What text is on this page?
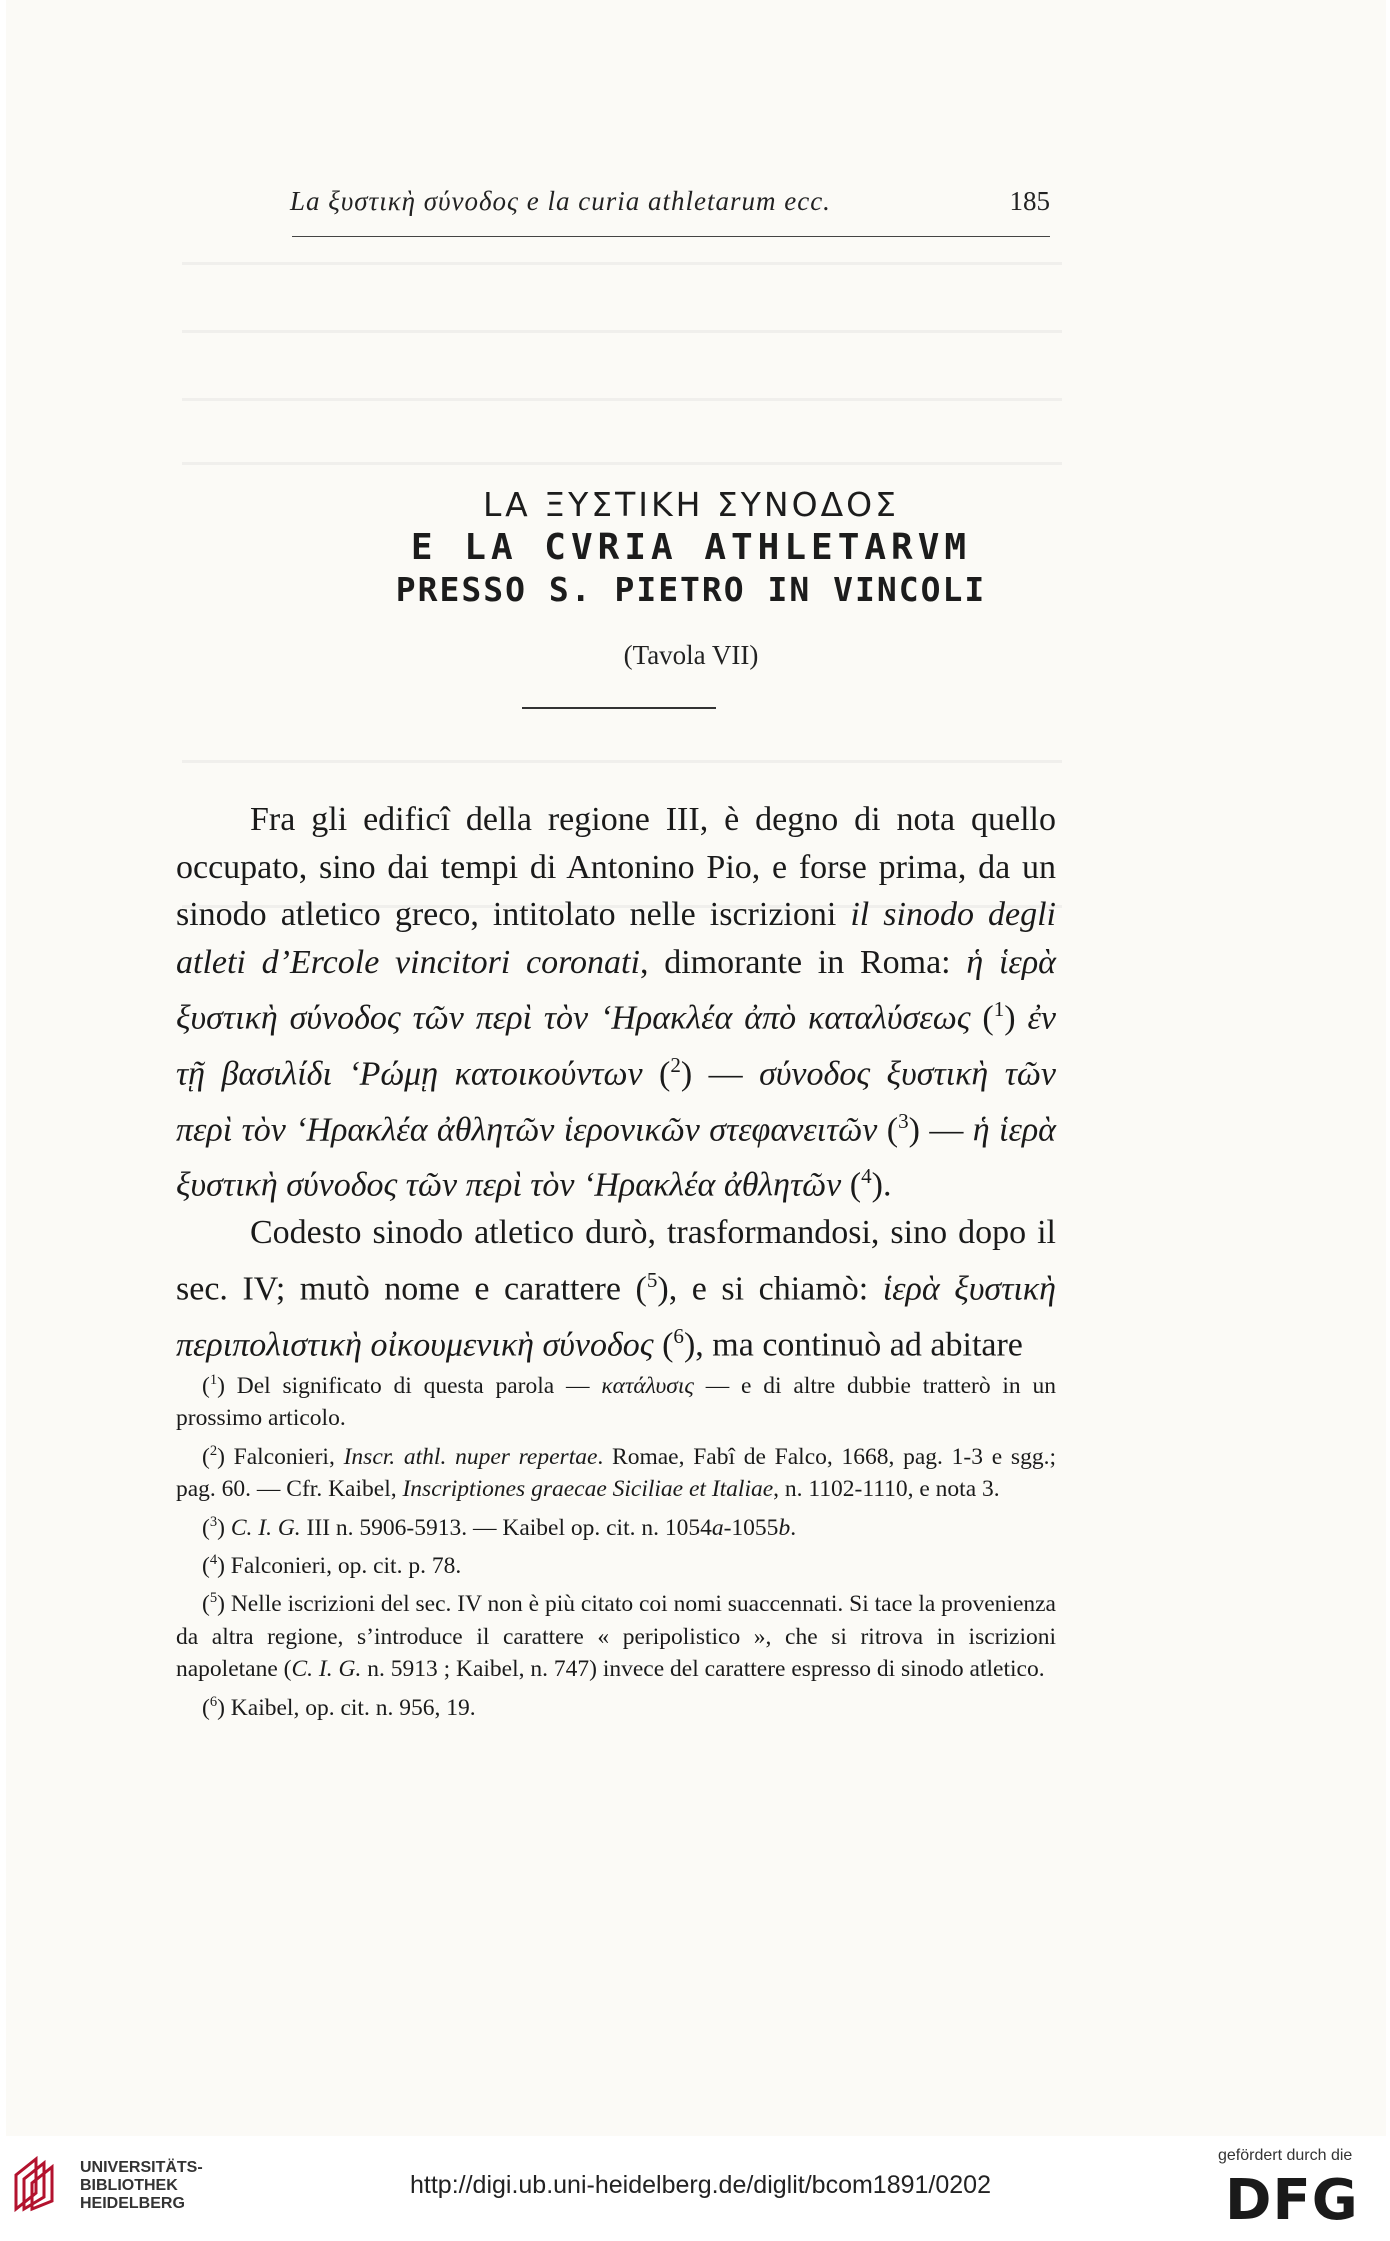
La ξυστικὴ σύνοδος e la curia athletarum ecc.	185
LA ΞΥΣΤΙΚΗ ΣΥΝΟΔΟΣ
E LA CVRIA ATHLETARVM
PRESSO S. PIETRO IN VINCOLI
(Tavola VII)

Fra gli edificî della regione III, è degno di nota quello occupato, sino dai tempi di Antonino Pio, e forse prima, da un sinodo atletico greco, intitolato nelle iscrizioni il sinodo degli atleti d’Ercole vincitori coronati, dimorante in Roma: ἡ ἱερὰ ξυστικὴ σύνοδος τῶν περὶ τὸν ‘Ηρακλέα ἀπὸ καταλύσεως ($^1$) ἐν τῇ βασιλίδι ‘Ρώμῃ κατοικούντων ($^2$) — σύνοδος ξυστικὴ τῶν περὶ τὸν ‘Ηρακλέα ἀθλητῶν ἱερονικῶν στεφανειτῶν ($^3$) — ἡ ἱερὰ ξυστικὴ σύνοδος τῶν περὶ τὸν ‘Ηρακλέα ἀθλητῶν ($^4$).

Codesto sinodo atletico durò, trasformandosi, sino dopo il sec. IV; mutò nome e carattere ($^5$), e si chiamò: ἱερὰ ξυστικὴ περιπολιστικὴ οἰκουμενικὴ σύνοδος ($^6$), ma continuò ad abitare

($^1$) Del significato di questa parola — κατάλυσις — e di altre dubbie tratterò in un prossimo articolo.

($^2$) Falconieri, Inscr. athl. nuper repertae. Romae, Fabî de Falco, 1668, pag. 1-3 e sgg.; pag. 60. — Cfr. Kaibel, Inscriptiones graecae Siciliae et Italiae, n. 1102-1110, e nota 3.

($^3$) C. I. G. III n. 5906-5913. — Kaibel op. cit. n. 1054a-1055b.

($^4$) Falconieri, op. cit. p. 78.

($^5$) Nelle iscrizioni del sec. IV non è più citato coi nomi suaccennati. Si tace la provenienza da altra regione, s’introduce il carattere « peripolistico », che si ritrova in iscrizioni napoletane (C. I. G. n. 5913 ; Kaibel, n. 747) invece del carattere espresso di sinodo atletico.

($^6$) Kaibel, op. cit. n. 956, 19.

UNIVERSITÄTS-
BIBLIOTHEK
HEIDELBERG
http://digi.ub.uni-heidelberg.de/diglit/bcom1891/0202
gefördert durch die
DFG
